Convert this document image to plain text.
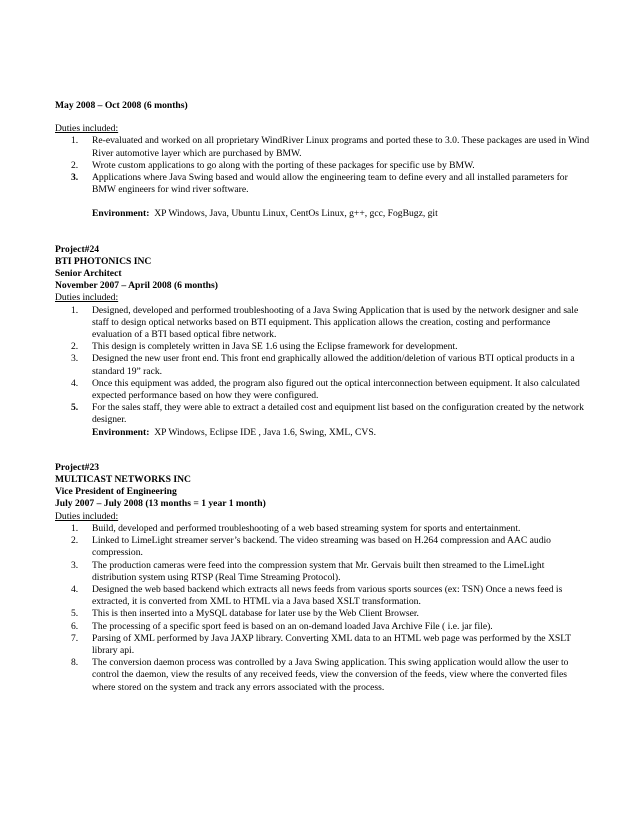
May 2008 – Oct 2008 (6 months)

Duties included:

1. Re-evaluated and worked on all proprietary WindRiver Linux programs and ported these to 3.0. These packages are used in Wind River automotive layer which are purchased by BMW.
2. Wrote custom applications to go along with the porting of these packages for specific use by BMW.
3. Applications where Java Swing based and would allow the engineering team to define every and all installed parameters for BMW engineers for wind river software.

Environment: XP Windows, Java, Ubuntu Linux, CentOs Linux, g++, gcc, FogBugz, git

Project#24

BTI PHOTONICS INC

Senior Architect

November 2007 – April 2008 (6 months)

Duties included:

1. Designed, developed and performed troubleshooting of a Java Swing Application that is used by the network designer and sale staff to design optical networks based on BTI equipment. This application allows the creation, costing and performance evaluation of a BTI based optical fibre network.
2. This design is completely written in Java SE 1.6 using the Eclipse framework for development.
3. Designed the new user front end. This front end graphically allowed the addition/deletion of various BTI optical products in a standard 19” rack.
4. Once this equipment was added, the program also figured out the optical interconnection between equipment. It also calculated expected performance based on how they were configured.
5. For the sales staff, they were able to extract a detailed cost and equipment list based on the configuration created by the network designer.

Environment: XP Windows, Eclipse IDE , Java 1.6, Swing, XML, CVS.

Project#23

MULTICAST NETWORKS INC

Vice President of Engineering

July 2007 – July 2008 (13 months = 1 year 1 month)

Duties included:

1. Build, developed and performed troubleshooting of a web based streaming system for sports and entertainment.
2. Linked to LimeLight streamer server’s backend. The video streaming was based on H.264 compression and AAC audio compression.
3. The production cameras were feed into the compression system that Mr. Gervais built then streamed to the LimeLight distribution system using RTSP (Real Time Streaming Protocol).
4. Designed the web based backend which extracts all news feeds from various sports sources (ex: TSN) Once a news feed is extracted, it is converted from XML to HTML via a Java based XSLT transformation.
5. This is then inserted into a MySQL database for later use by the Web Client Browser.
6. The processing of a specific sport feed is based on an on-demand loaded Java Archive File ( i.e. jar file).
7. Parsing of XML performed by Java JAXP library. Converting XML data to an HTML web page was performed by the XSLT library api.
8. The conversion daemon process was controlled by a Java Swing application. This swing application would allow the user to control the daemon, view the results of any received feeds, view the conversion of the feeds, view where the converted files where stored on the system and track any errors associated with the process.
